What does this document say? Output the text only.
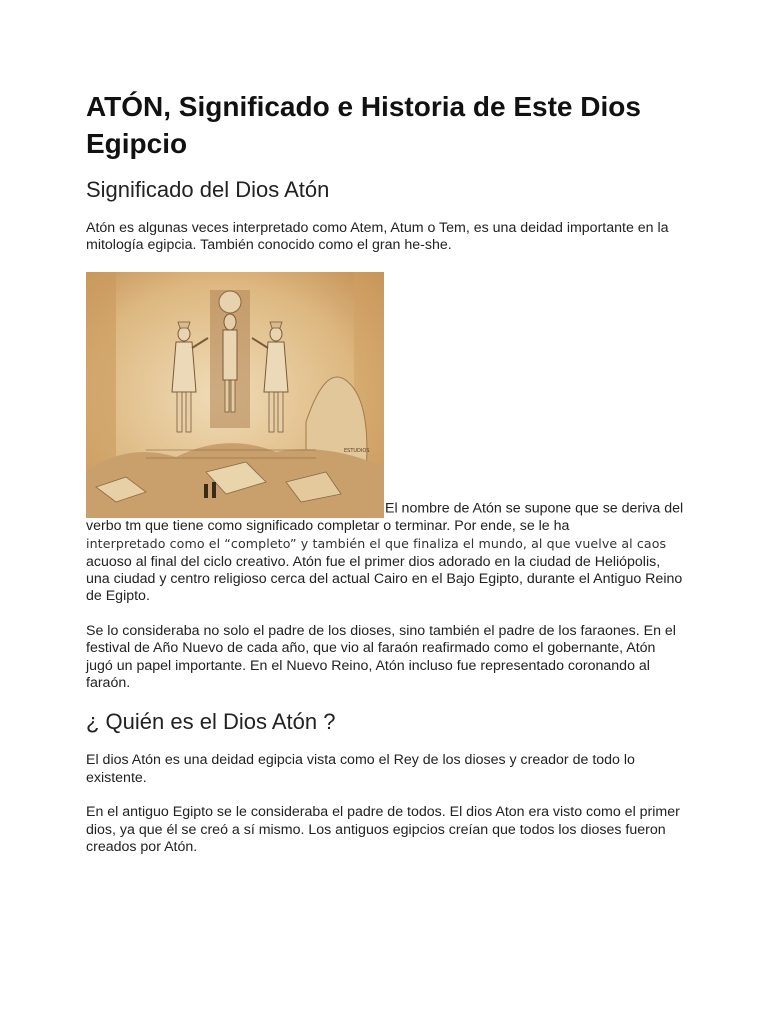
ATÓN, Significado e Historia de Este Dios Egipcio
Significado del Dios Atón

Atón es algunas veces interpretado como Atem, Atum o Tem, es una deidad importante en la mitología egipcia. También conocido como el gran he-she.

ESTUDIOS
El nombre de Atón se supone que se deriva del verbo tm que tiene como significado completar o terminar. Por ende, se le ha
interpretado como el “completo” y también el que finaliza el mundo, al que vuelve al caos
acuoso al final del ciclo creativo. Atón fue el primer dios adorado en la ciudad de Heliópolis, una ciudad y centro religioso cerca del actual Cairo en el Bajo Egipto, durante el Antiguo Reino de Egipto.

Se lo consideraba no solo el padre de los dioses, sino también el padre de los faraones. En el festival de Año Nuevo de cada año, que vio al faraón reafirmado como el gobernante, Atón jugó un papel importante. En el Nuevo Reino, Atón incluso fue representado coronando al faraón.

¿ Quién es el Dios Atón ?

El dios Atón es una deidad egipcia vista como el Rey de los dioses y creador de todo lo existente.

En el antiguo Egipto se le consideraba el padre de todos. El dios Aton era visto como el primer dios, ya que él se creó a sí mismo. Los antiguos egipcios creían que todos los dioses fueron creados por Atón.
